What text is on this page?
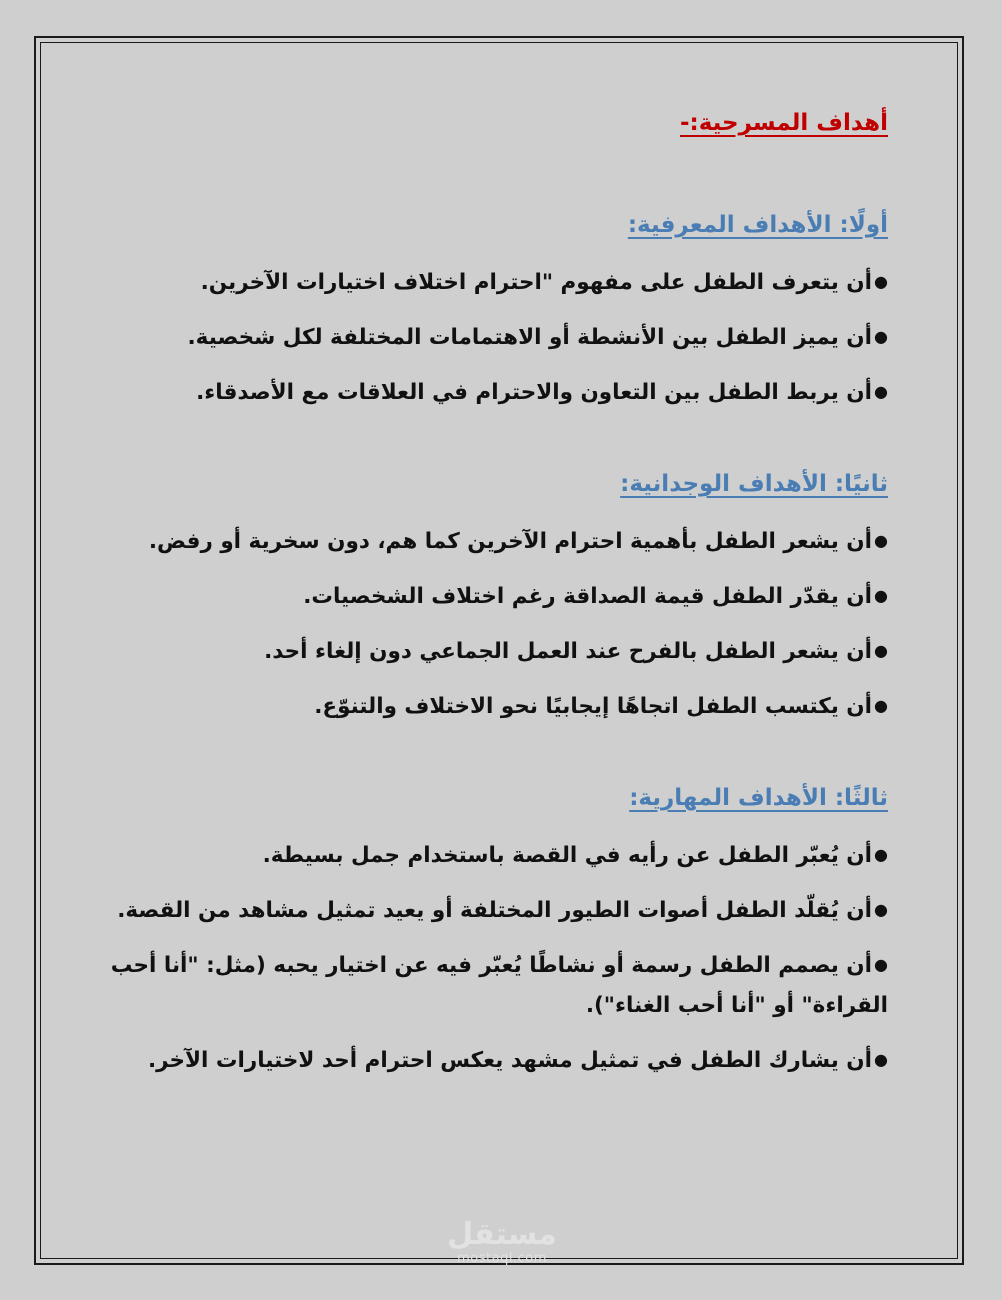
أهداف المسرحية:-
أولًا: الأهداف المعرفية:
●أن يتعرف الطفل على مفهوم "احترام اختلاف اختيارات الآخرين.
●أن يميز الطفل بين الأنشطة أو الاهتمامات المختلفة لكل شخصية.
●أن يربط الطفل بين التعاون والاحترام في العلاقات مع الأصدقاء.
ثانيًا: الأهداف الوجدانية:
●أن يشعر الطفل بأهمية احترام الآخرين كما هم، دون سخرية أو رفض.
●أن يقدّر الطفل قيمة الصداقة رغم اختلاف الشخصيات.
●أن يشعر الطفل بالفرح عند العمل الجماعي دون إلغاء أحد.
●أن يكتسب الطفل اتجاهًا إيجابيًا نحو الاختلاف والتنوّع.
ثالثًا: الأهداف المهارية:
●أن يُعبّر الطفل عن رأيه في القصة باستخدام جمل بسيطة.
●أن يُقلّد الطفل أصوات الطيور المختلفة أو يعيد تمثيل مشاهد من القصة.
●أن يصمم الطفل رسمة أو نشاطًا يُعبّر فيه عن اختيار يحبه (مثل: "أنا أحب القراءة" أو "أنا أحب الغناء").
●أن يشارك الطفل في تمثيل مشهد يعكس احترام أحد لاختيارات الآخر.
مستقل
mostaql.com
